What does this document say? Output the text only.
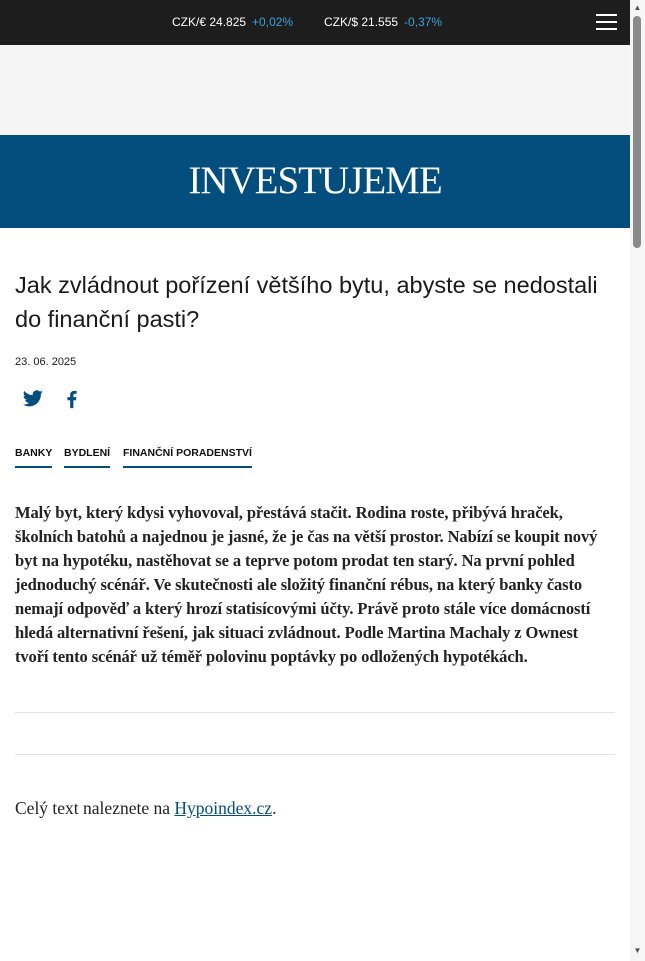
CZK/€ 24.825 +0,02%	CZK/$ 21.555 -0,37%
INVESTUJEME
Jak zvládnout pořízení většího bytu, abyste se nedostali do finanční pasti?
23. 06. 2025
BANKY BYDLENÍ FINANČNÍ PORADENSTVÍ

Malý byt, který kdysi vyhovoval, přestává stačit. Rodina roste, přibývá hraček, školních batohů a najednou je jasné, že je čas na větší prostor. Nabízí se koupit nový byt na hypotéku, nastěhovat se a teprve potom prodat ten starý. Na první pohled jednoduchý scénář. Ve skutečnosti ale složitý finanční rébus, na který banky často nemají odpověď a který hrozí statisícovými účty. Právě proto stále více domácností hledá alternativní řešení, jak situaci zvládnout. Podle Martina Machaly z Ownest tvoří tento scénář už téměř polovinu poptávky po odložených hypotékách.

Celý text naleznete na Hypoindex.cz.

▲
▼
